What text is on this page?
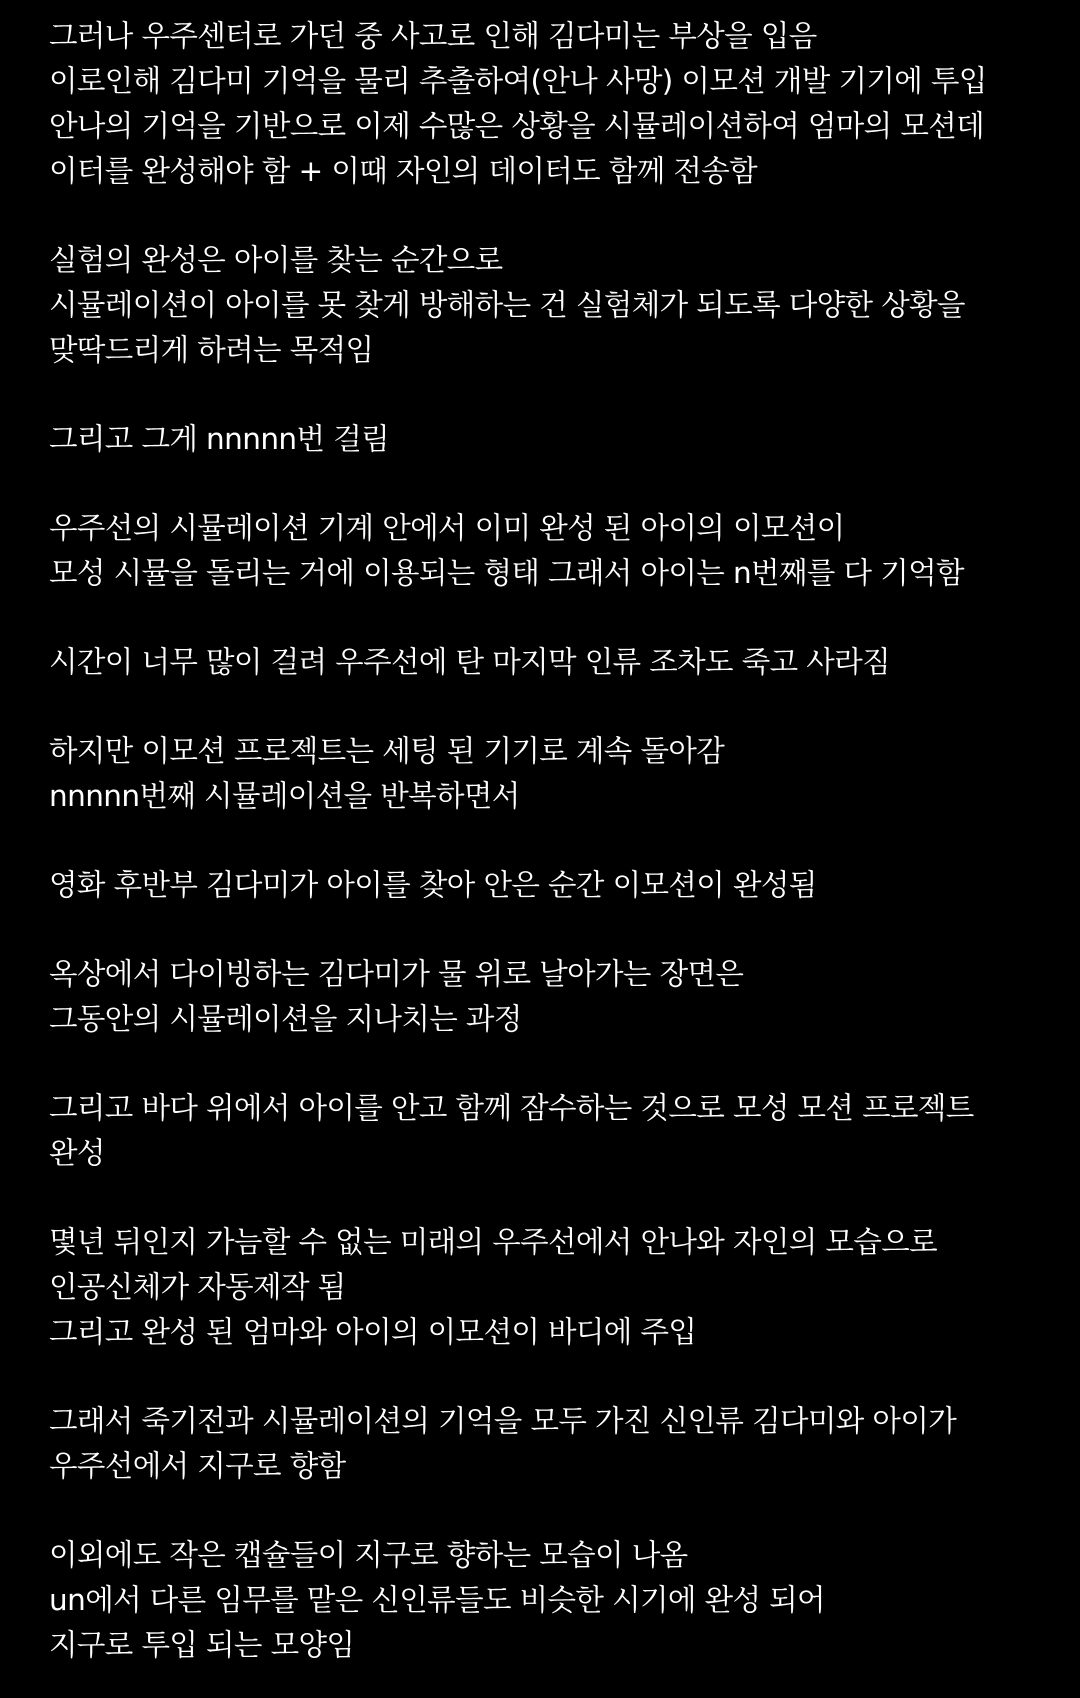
그러나 우주센터로 가던 중 사고로 인해 김다미는 부상을 입음
이로인해 김다미 기억을 물리 추출하여(안나 사망) 이모션 개발 기기에 투입
안나의 기억을 기반으로 이제 수많은 상황을 시뮬레이션하여 엄마의 모션데
이터를 완성해야 함 + 이때 자인의 데이터도 함께 전송함
실험의 완성은 아이를 찾는 순간으로
시뮬레이션이 아이를 못 찾게 방해하는 건 실험체가 되도록 다양한 상황을
맞딱드리게 하려는 목적임
그리고 그게 nnnnn번 걸림
우주선의 시뮬레이션 기계 안에서 이미 완성 된 아이의 이모션이
모성 시뮬을 돌리는 거에 이용되는 형태 그래서 아이는 n번째를 다 기억함
시간이 너무 많이 걸려 우주선에 탄 마지막 인류 조차도 죽고 사라짐
하지만 이모션 프로젝트는 세팅 된 기기로 계속 돌아감
nnnnn번째 시뮬레이션을 반복하면서
영화 후반부 김다미가 아이를 찾아 안은 순간 이모션이 완성됨
옥상에서 다이빙하는 김다미가 물 위로 날아가는 장면은
그동안의 시뮬레이션을 지나치는 과정
그리고 바다 위에서 아이를 안고 함께 잠수하는 것으로 모성 모션 프로젝트
완성
몇년 뒤인지 가늠할 수 없는 미래의 우주선에서 안나와 자인의 모습으로
인공신체가 자동제작 됨
그리고 완성 된 엄마와 아이의 이모션이 바디에 주입
그래서 죽기전과 시뮬레이션의 기억을 모두 가진 신인류 김다미와 아이가
우주선에서 지구로 향함
이외에도 작은 캡슐들이 지구로 향하는 모습이 나옴
un에서 다른 임무를 맡은 신인류들도 비슷한 시기에 완성 되어
지구로 투입 되는 모양임
